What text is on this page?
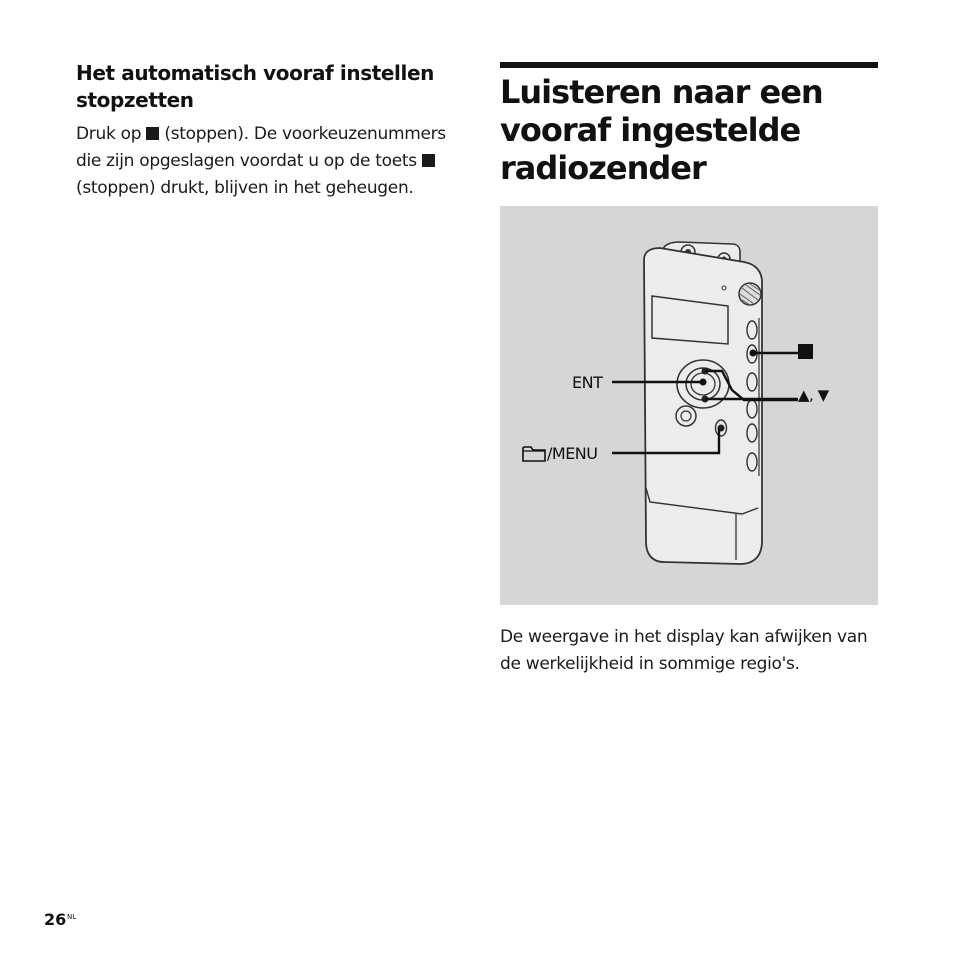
Het automatisch vooraf instellen stopzetten

Druk op (stoppen). De voorkeuzenummers die zijn opgeslagen voordat u op de toets  (stoppen) drukt, blijven in het geheugen.

Luisteren naar een vooraf ingestelde radiozender
▲, ▼
ENT
/MENU

De weergave in het display kan afwijken van de werkelijkheid in sommige regio's.

26 NL
